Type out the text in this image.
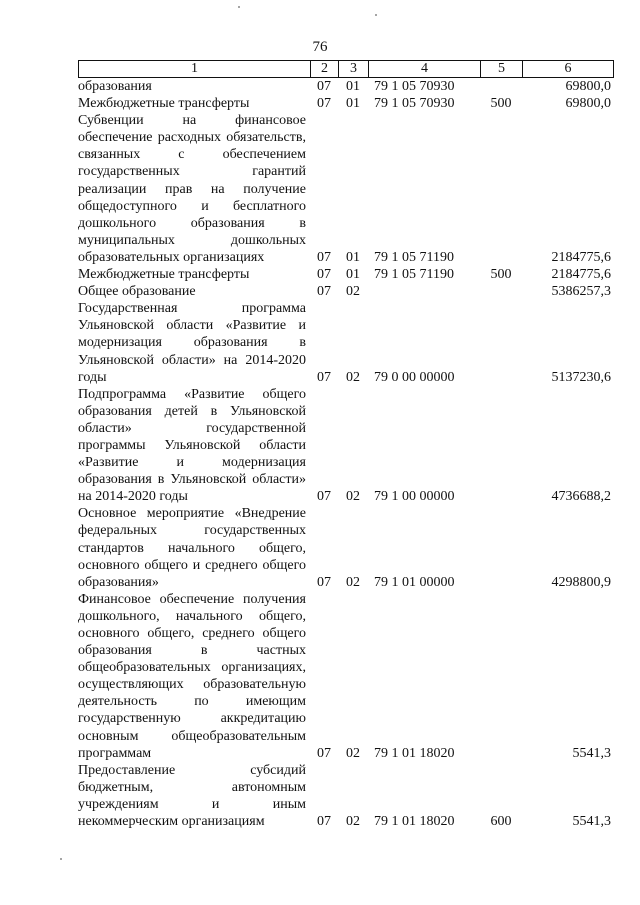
76
1	2	3	4	5	6
образования	07	01	79 1 05 70930		69800,0
Межбюджетные трансферты	07	01	79 1 05 70930	500	69800,0
Субвенции на финансовое обеспечение расходных обязательств, связанных с обеспечением государственных гарантий реализации прав на получение общедоступного и бесплатного дошкольного образования в муниципальных дошкольных образовательных организациях	07	01	79 1 05 71190		2184775,6
Межбюджетные трансферты	07	01	79 1 05 71190	500	2184775,6
Общее образование	07	02			5386257,3
Государственная программа Ульяновской области «Развитие и модернизация образования в Ульяновской области» на 2014-2020 годы	07	02	79 0 00 00000		5137230,6
Подпрограмма «Развитие общего образования детей в Ульяновской области» государственной программы Ульяновской области «Развитие и модернизация образования в Ульяновской области» на 2014-2020 годы	07	02	79 1 00 00000		4736688,2
Основное мероприятие «Внедрение федеральных государственных стандартов начального общего, основного общего и среднего общего образования»	07	02	79 1 01 00000		4298800,9
Финансовое обеспечение получения дошкольного, начального общего, основного общего, среднего общего образования в частных общеобразовательных организациях, осуществляющих образовательную деятельность по имеющим государственную аккредитацию основным общеобразовательным программам	07	02	79 1 01 18020		5541,3
Предоставление субсидий бюджетным, автономным учреждениям и иным некоммерческим организациям	07	02	79 1 01 18020	600	5541,3
